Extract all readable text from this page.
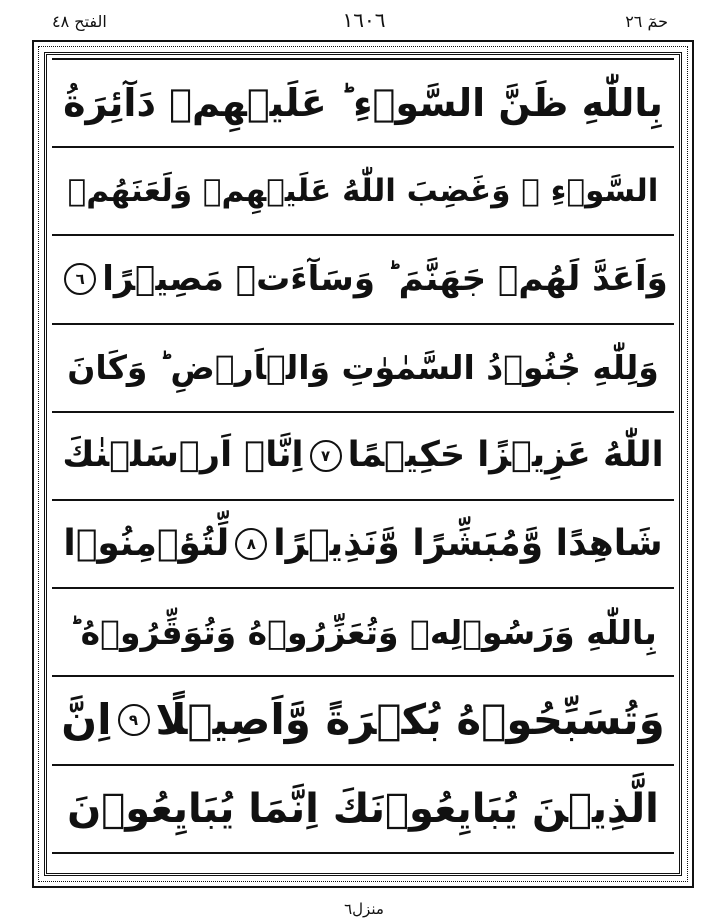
الفتح ٤٨	١٦٠٦	حمٓ ٢٦
بِاللّٰهِ ظَنَّ السَّوۡءِ ؕ عَلَيۡهِمۡ دَآئِرَةُ
السَّوۡءِ ۚ وَغَضِبَ اللّٰهُ عَلَيۡهِمۡ وَلَعَنَهُمۡ
وَاَعَدَّ لَهُمۡ جَهَنَّمَ ؕ وَسَآءَتۡ مَصِيۡرًا
٦
وَلِلّٰهِ جُنُوۡدُ السَّمٰوٰتِ وَالۡاَرۡضِ ؕ وَكَانَ
اللّٰهُ عَزِيۡزًا حَكِيۡمًا
٧
اِنَّاۤ اَرۡسَلۡنٰكَ
شَاهِدًا وَّمُبَشِّرًا وَّنَذِيۡرًا
٨
لِّتُؤۡمِنُوۡا
بِاللّٰهِ وَرَسُوۡلِهٖ وَتُعَزِّرُوۡهُ وَتُوَقِّرُوۡهُ ؕ
وَتُسَبِّحُوۡهُ بُكۡرَةً وَّاَصِيۡلًا
٩
اِنَّ
الَّذِيۡنَ يُبَايِعُوۡنَكَ اِنَّمَا يُبَايِعُوۡنَ
منزل٦
